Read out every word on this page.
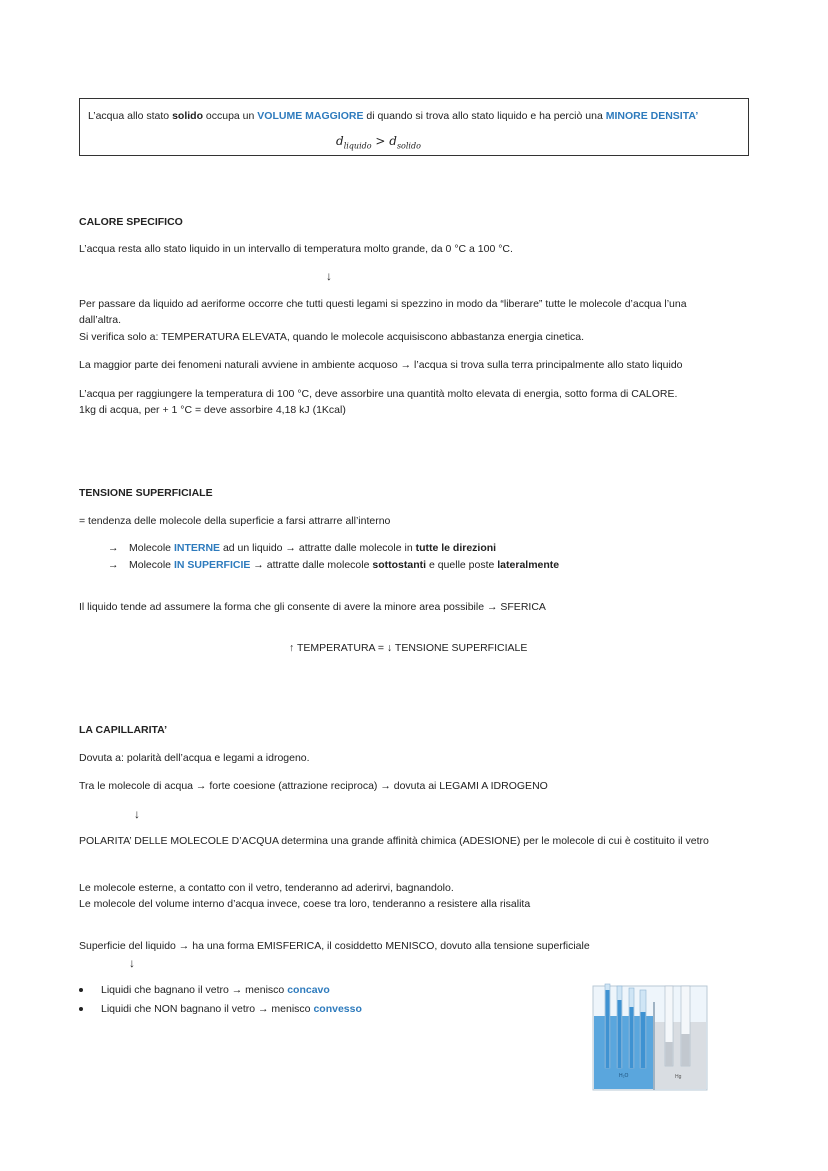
L’acqua allo stato solido occupa un VOLUME MAGGIORE di quando si trova allo stato liquido e ha perciò una MINORE DENSITA’
$d_{liquido} > d_{solido}$
CALORE SPECIFICO
L’acqua resta allo stato liquido in un intervallo di temperatura molto grande, da 0 °C a 100 °C.
↓
Per passare da liquido ad aeriforme occorre che tutti questi legami si spezzino in modo da “liberare” tutte le molecole d’acqua l’una
dall’altra.
Si verifica solo a: TEMPERATURA ELEVATA, quando le molecole acquisiscono abbastanza energia cinetica.
La maggior parte dei fenomeni naturali avviene in ambiente acquoso → l’acqua si trova sulla terra principalmente allo stato liquido
L’acqua per raggiungere la temperatura di 100 °C, deve assorbire una quantità molto elevata di energia, sotto forma di CALORE.
1kg di acqua, per + 1 °C = deve assorbire 4,18 kJ (1Kcal)
TENSIONE SUPERFICIALE
= tendenza delle molecole della superficie a farsi attrarre all’interno
→ Molecole INTERNE ad un liquido → attratte dalle molecole in tutte le direzioni
→ Molecole IN SUPERFICIE → attratte dalle molecole sottostanti e quelle poste lateralmente
Il liquido tende ad assumere la forma che gli consente di avere la minore area possibile → SFERICA
↑ TEMPERATURA = ↓ TENSIONE SUPERFICIALE
LA CAPILLARITA’
Dovuta a: polarità dell’acqua e legami a idrogeno.
Tra le molecole di acqua → forte coesione (attrazione reciproca) → dovuta ai LEGAMI A IDROGENO
↓
POLARITA’ DELLE MOLECOLE D’ACQUA determina una grande affinità chimica (ADESIONE) per le molecole di cui è costituito il vetro
Le molecole esterne, a contatto con il vetro, tenderanno ad aderirvi, bagnandolo.
Le molecole del volume interno d’acqua invece, coese tra loro, tenderanno a resistere alla risalita
Superficie del liquido → ha una forma EMISFERICA, il cosiddetto MENISCO, dovuto alla tensione superficiale
↓
Liquidi che bagnano il vetro → menisco concavo
Liquidi che NON bagnano il vetro → menisco convesso
H₂O	Hg
